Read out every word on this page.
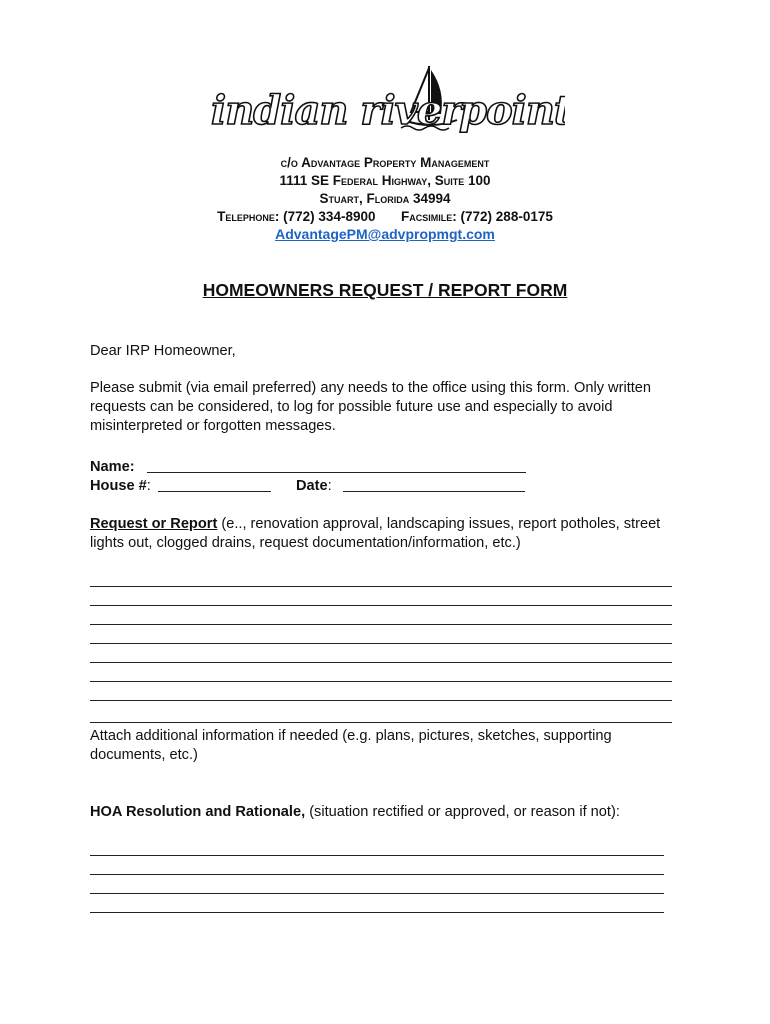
indian river
point
c/o Advantage Property Management
1111 SE Federal Highway, Suite 100
Stuart, Florida 34994
Telephone: (772) 334-8900 Facsimile: (772) 288-0175
AdvantagePM@advpropmgt.com
HOMEOWNERS REQUEST / REPORT FORM
Dear IRP Homeowner,
Please submit (via email preferred) any needs to the office using this form. Only written requests can be considered, to log for possible future use and especially to avoid misinterpreted or forgotten messages.
Name:
House #:	Date:
Request or Report (e.., renovation approval, landscaping issues, report potholes, street lights out, clogged drains, request documentation/information, etc.)
Attach additional information if needed (e.g. plans, pictures, sketches, supporting documents, etc.)
HOA Resolution and Rationale, (situation rectified or approved, or reason if not):
